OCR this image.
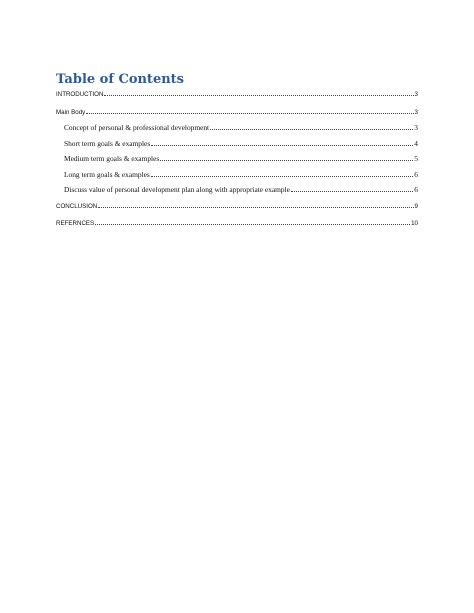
Table of Contents
INTRODUCTION	3
Main Body	3
Concept of personal & professional development	3
Short term goals & examples	4
Medium term goals & examples	5
Long term goals & examples	6
Discuss value of personal development plan along with appropriate example	6
CONCLUSION	9
REFERNCES	10
